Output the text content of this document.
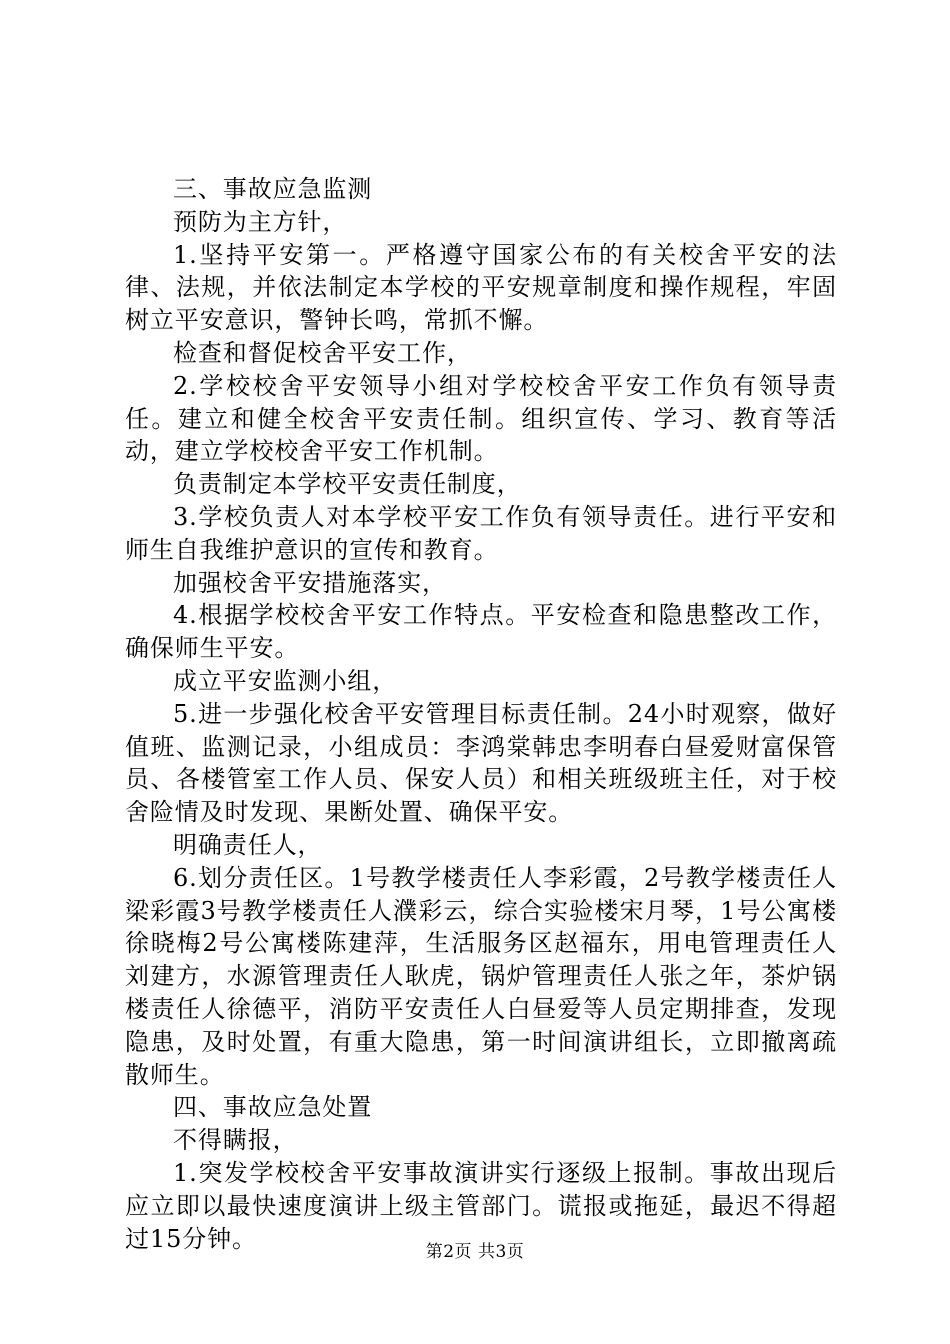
三、事故应急监测

预防为主方针，

1.坚持平安第一。严格遵守国家公布的有关校舍平安的法律、法规，并依法制定本学校的平安规章制度和操作规程，牢固树立平安意识，警钟长鸣，常抓不懈。

检查和督促校舍平安工作，

2.学校校舍平安领导小组对学校校舍平安工作负有领导责任。建立和健全校舍平安责任制。组织宣传、学习、教育等活动，建立学校校舍平安工作机制。

负责制定本学校平安责任制度，

3.学校负责人对本学校平安工作负有领导责任。进行平安和师生自我维护意识的宣传和教育。

加强校舍平安措施落实，

4.根据学校校舍平安工作特点。平安检查和隐患整改工作，确保师生平安。

成立平安监测小组，

5.进一步强化校舍平安管理目标责任制。24小时观察，做好值班、监测记录，小组成员：李鸿棠韩忠李明春白昼爱财富保管员、各楼管室工作人员、保安人员）和相关班级班主任，对于校舍险情及时发现、果断处置、确保平安。

明确责任人，

6.划分责任区。1号教学楼责任人李彩霞，2号教学楼责任人梁彩霞3号教学楼责任人濮彩云，综合实验楼宋月琴，1号公寓楼徐晓梅2号公寓楼陈建萍，生活服务区赵福东，用电管理责任人刘建方，水源管理责任人耿虎，锅炉管理责任人张之年，茶炉锅楼责任人徐德平，消防平安责任人白昼爱等人员定期排查，发现隐患，及时处置，有重大隐患，第一时间演讲组长，立即撤离疏散师生。

四、事故应急处置

不得瞒报，

1.突发学校校舍平安事故演讲实行逐级上报制。事故出现后应立即以最快速度演讲上级主管部门。谎报或拖延，最迟不得超过15分钟。	第2页 共3页
